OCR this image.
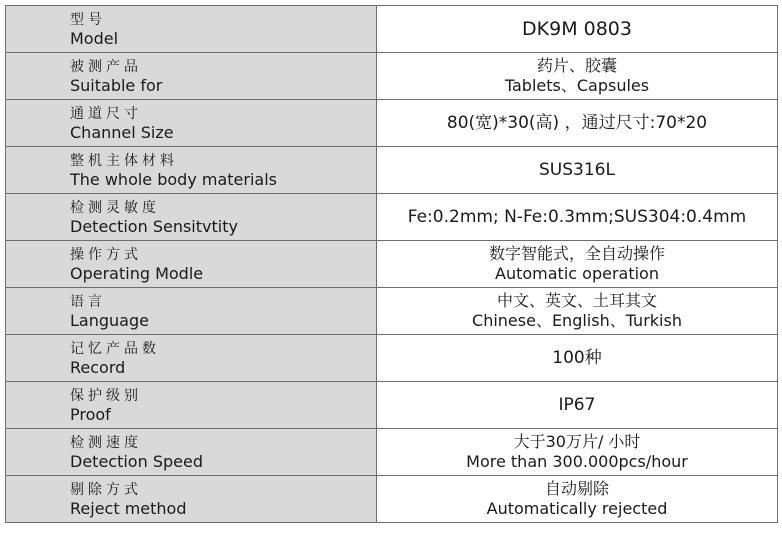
型号
Model	DK9M 0803

被测产品
Suitable for	药片、胶囊
Tablets、Capsules

通道尺寸
Channel Size	80(宽)*30(高) ，通过尺寸:70*20

整机主体材料
The whole body materials	SUS316L

检测灵敏度
Detection Sensitvtity	Fe:0.2mm; N-Fe:0.3mm;SUS304:0.4mm

操作方式
Operating Modle	数字智能式，全自动操作
Automatic operation

语言
Language	中文、英文、土耳其文
Chinese、English、Turkish

记忆产品数
Record	100种

保护级别
Proof	IP67

检测速度
Detection Speed	大于30万片/ 小时
More than 300.000pcs/hour

剔除方式
Reject method	自动剔除
Automatically rejected
